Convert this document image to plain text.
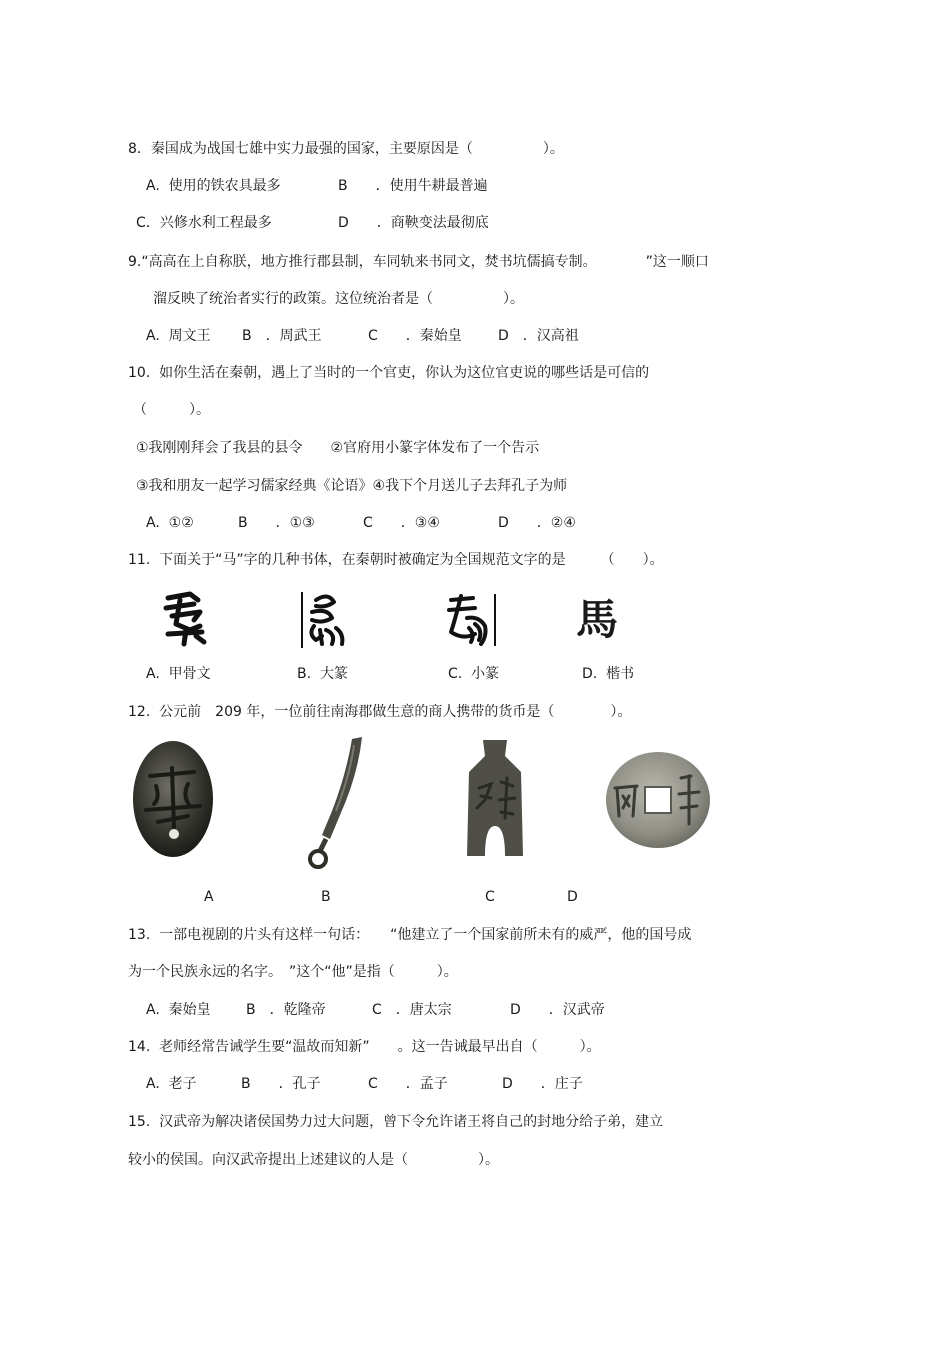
8．秦国成为战国七雄中实力最强的国家，主要原因是（　　　　　）。
A.  使用的铁农具最多	B　　．使用牛耕最普遍
C．兴修水利工程最多	D　　．商鞅变法最彻底
9.“高高在上自称朕，地方推行郡县制，车同轨来书同文，焚书坑儒搞专制。　　　　”这一顺口
溜反映了统治者实行的政策。这位统治者是（　　　　　）。
A.  周文王 B　．周武王	C　　．秦始皇	D　．汉高祖
10.  如你生活在秦朝，遇上了当时的一个官吏，你认为这位官吏说的哪些话是可信的
（　　　）。
①我刚刚拜会了我县的县令　　②官府用小篆字体发布了一个告示
③我和朋友一起学习儒家经典《论语》④我下个月送儿子去拜孔子为师
A.  ①②	B　　．①③	C　　．③④	D　　．②④
11.  下面关于“马”字的几种书体，在秦朝时被确定为全国规范文字的是　　　（　　）。
馬
A.  甲骨文	B.  大篆	C.  小篆	D.  楷书
12.  公元前　209 年，一位前往南海郡做生意的商人携带的货币是（　　　　）。
A	B	C	D
13.  一部电视剧的片头有这样一句话：　　“他建立了一个国家前所未有的威严，他的国号成
为一个民族永远的名字。　”这个“他”是指（　　　）。
A.  秦始皇	B　．乾隆帝	C　．唐太宗	D　　．汉武帝
14.  老师经常告诫学生要“温故而知新”　　。这一告诫最早出自（　　　）。
A.  老子	B　　．孔子	C　　．孟子	D　　．庄子
15.  汉武帝为解决诸侯国势力过大问题，曾下令允许诸王将自己的封地分给子弟，建立
较小的侯国。向汉武帝提出上述建议的人是（　　　　　）。
